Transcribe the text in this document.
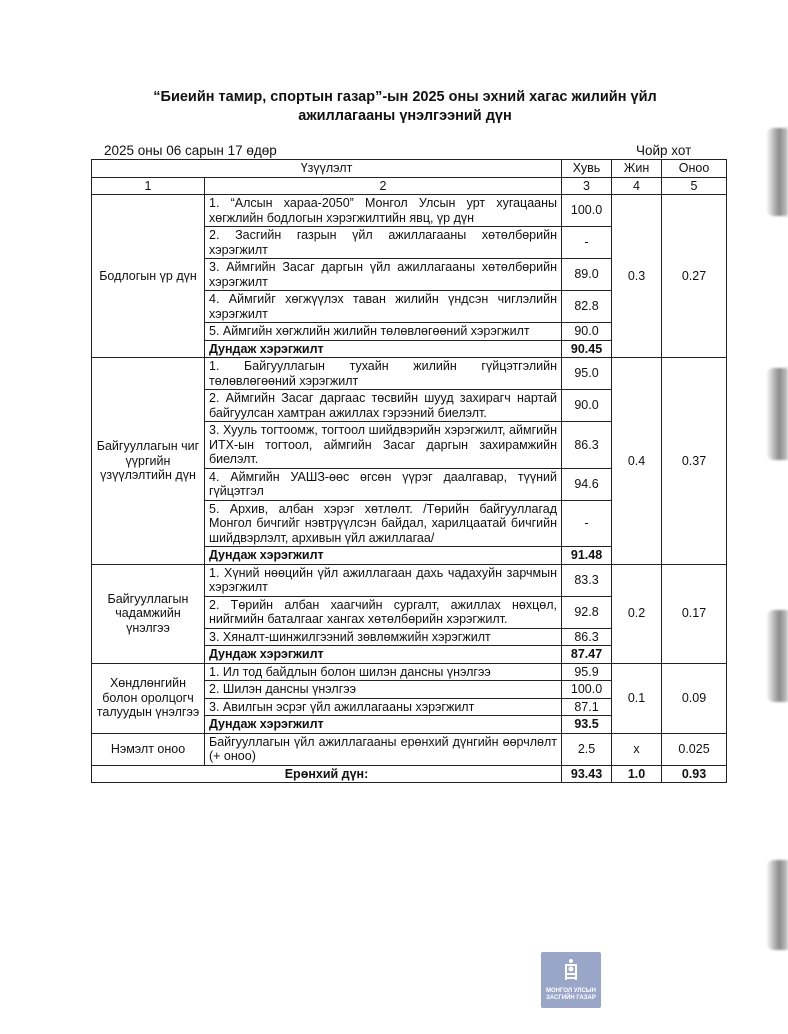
“Биеийн тамир, спортын газар”-ын 2025 оны эхний хагас жилийн үйл
ажиллагааны үнэлгээний дүн
2025 оны 06 сарын 17 өдөр	Чойр хот
Үзүүлэлт		Хувь	Жин	Оноо
1	2	3	4	5
Бодлогын үр дүн	1. “Алсын хараа-2050” Монгол Улсын урт хугацааны хөгжлийн бодлогын хэрэгжилтийн явц, үр дүн	100.0	0.3	0.27
	2. Засгийн газрын үйл ажиллагааны хөтөлбөрийн хэрэгжилт	-		
	3. Аймгийн Засаг даргын үйл ажиллагааны хөтөлбөрийн хэрэгжилт	89.0		
	4. Аймгийг хөгжүүлэх таван жилийн үндсэн чиглэлийн хэрэгжилт	82.8		
	5. Аймгийн хөгжлийн жилийн төлөвлөгөөний хэрэгжилт	90.0		
	Дундаж хэрэгжилт	90.45		
Байгууллагын чиг үүргийн үзүүлэлтийн дүн	1. Байгууллагын тухайн жилийн гүйцэтгэлийн төлөвлөгөөний хэрэгжилт	95.0	0.4	0.37
	2. Аймгийн Засаг даргаас төсвийн шууд захирагч нартай байгуулсан хамтран ажиллах гэрээний биелэлт.	90.0		
	3. Хууль тогтоомж, тогтоол шийдвэрийн хэрэгжилт, аймгийн ИТХ-ын тогтоол, аймгийн Засаг даргын захирамжийн биелэлт.	86.3		
	4. Аймгийн УАШЗ-өөс өгсөн үүрэг даалгавар, түүний гүйцэтгэл	94.6		
	5. Архив, албан хэрэг хөтлөлт. /Төрийн байгууллагад Монгол бичгийг нэвтрүүлсэн байдал, харилцаатай бичгийн шийдвэрлэлт, архивын үйл ажиллагаа/	-		
	Дундаж хэрэгжилт	91.48		
Байгууллагын чадамжийн үнэлгээ	1. Хүний нөөцийн үйл ажиллагаан дахь чадахуйн зарчмын хэрэгжилт	83.3	0.2	0.17
	2. Төрийн албан хаагчийн сургалт, ажиллах нөхцөл, нийгмийн баталгааг хангах хөтөлбөрийн хэрэгжилт.	92.8		
	3. Хяналт-шинжилгээний зөвлөмжийн хэрэгжилт	86.3		
	Дундаж хэрэгжилт	87.47		
Хөндлөнгийн болон оролцогч талуудын үнэлгээ	1. Ил тод байдлын болон шилэн дансны үнэлгээ	95.9	0.1	0.09
	2. Шилэн дансны үнэлгээ	100.0		
	3. Авилгын эсрэг үйл ажиллагааны хэрэгжилт	87.1		
	Дундаж хэрэгжилт	93.5		
Нэмэлт оноо	Байгууллагын үйл ажиллагааны ерөнхий дүнгийн өөрчлөлт (+ оноо)	2.5	x	0.025
Ерөнхий дүн:		93.43	1.0	0.93
МОНГОЛ УЛСЫН
ЗАСГИЙН ГАЗАР
